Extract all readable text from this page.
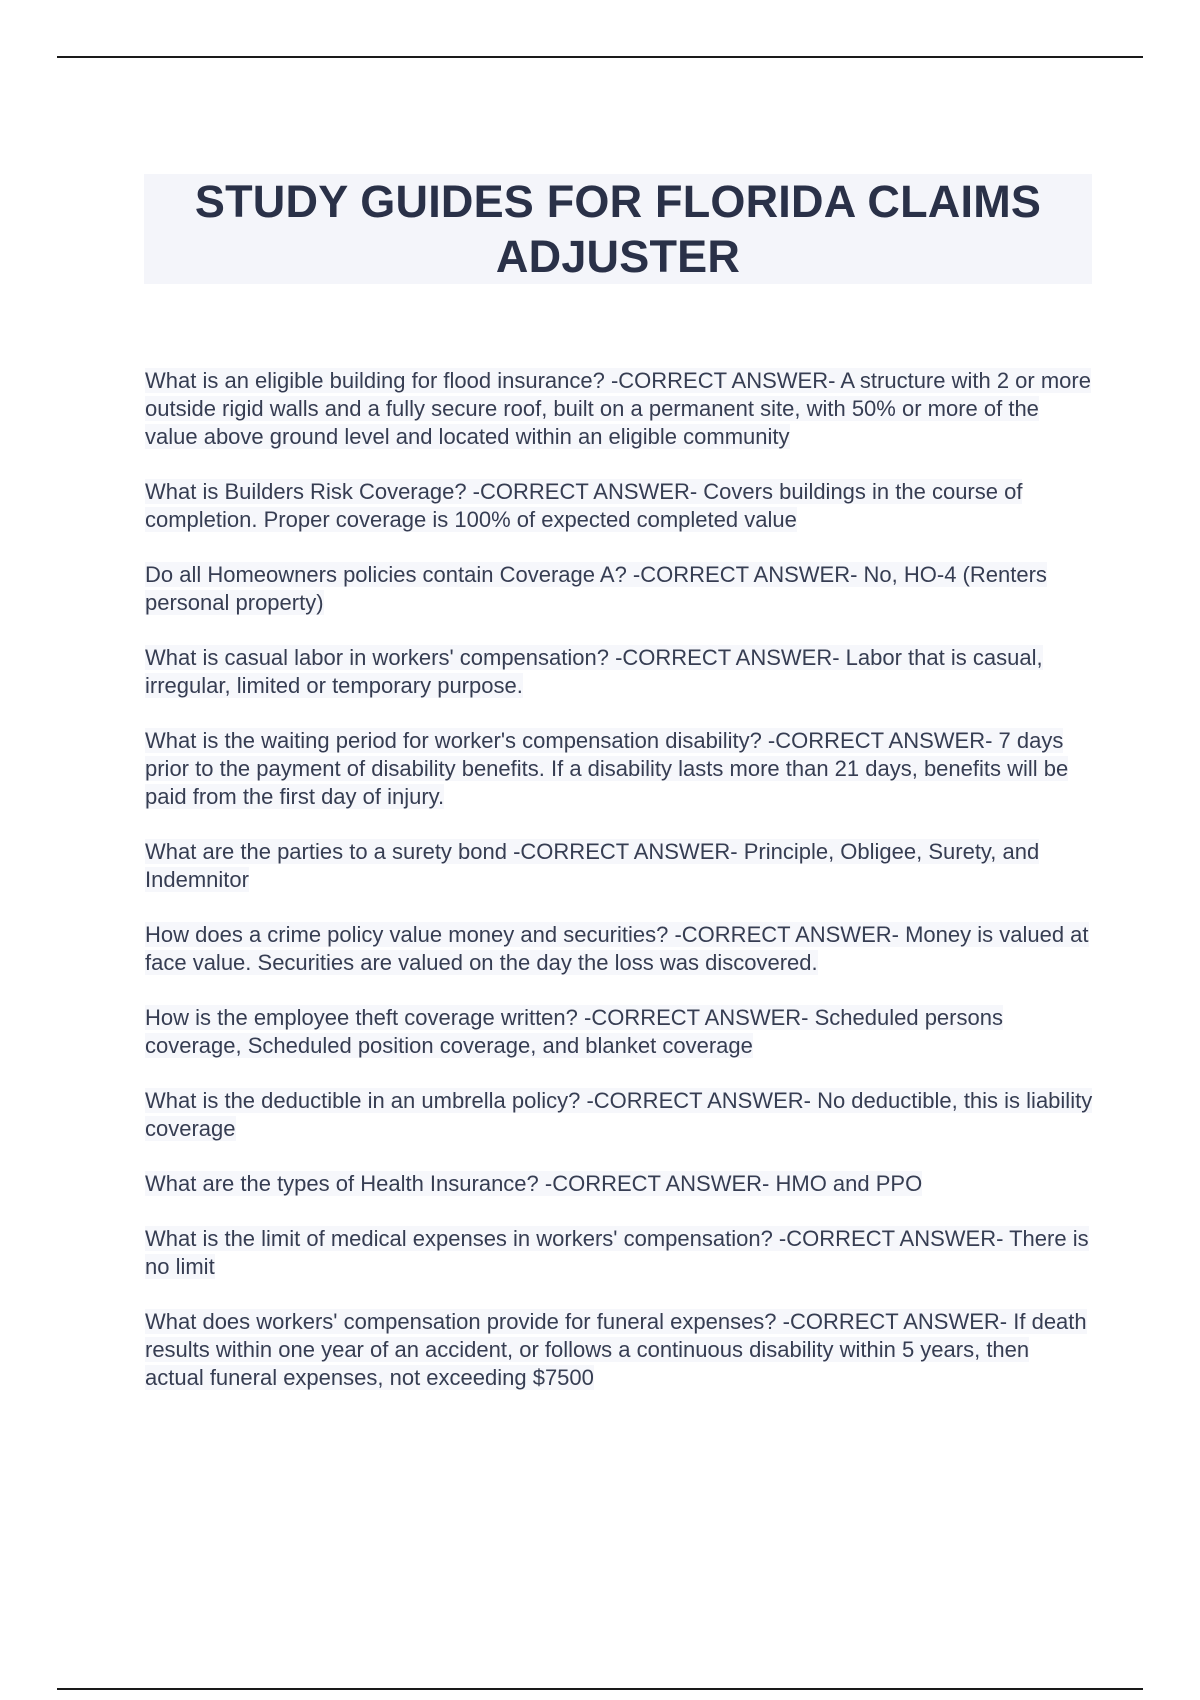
STUDY GUIDES FOR FLORIDA CLAIMS ADJUSTER

What is an eligible building for flood insurance? -CORRECT ANSWER- A structure with 2 or more outside rigid walls and a fully secure roof, built on a permanent site, with 50% or more of the value above ground level and located within an eligible community

What is Builders Risk Coverage? -CORRECT ANSWER- Covers buildings in the course of completion. Proper coverage is 100% of expected completed value

Do all Homeowners policies contain Coverage A? -CORRECT ANSWER- No, HO-4 (Renters personal property)

What is casual labor in workers' compensation? -CORRECT ANSWER- Labor that is casual, irregular, limited or temporary purpose.

What is the waiting period for worker's compensation disability? -CORRECT ANSWER- 7 days prior to the payment of disability benefits. If a disability lasts more than 21 days, benefits will be paid from the first day of injury.

What are the parties to a surety bond -CORRECT ANSWER- Principle, Obligee, Surety, and Indemnitor

How does a crime policy value money and securities? -CORRECT ANSWER- Money is valued at face value. Securities are valued on the day the loss was discovered.

How is the employee theft coverage written? -CORRECT ANSWER- Scheduled persons coverage, Scheduled position coverage, and blanket coverage

What is the deductible in an umbrella policy? -CORRECT ANSWER- No deductible, this is liability coverage

What are the types of Health Insurance? -CORRECT ANSWER- HMO and PPO

What is the limit of medical expenses in workers' compensation? -CORRECT ANSWER- There is no limit

What does workers' compensation provide for funeral expenses? -CORRECT ANSWER- If death results within one year of an accident, or follows a continuous disability within 5 years, then actual funeral expenses, not exceeding $7500
